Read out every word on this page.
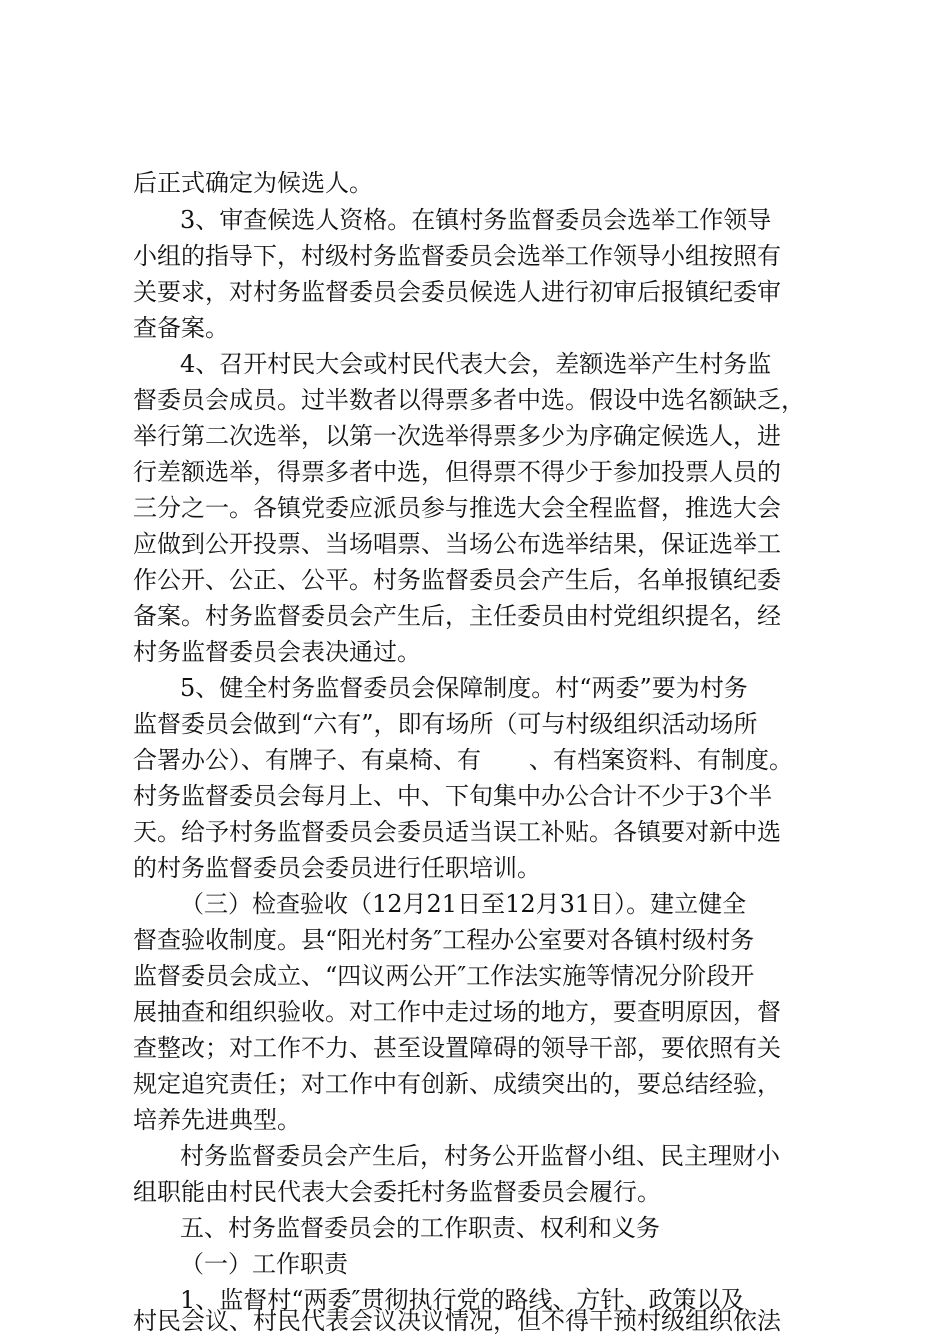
后正式确定为候选人。
3、审查候选人资格。在镇村务监督委员会选举工作领导
小组的指导下，村级村务监督委员会选举工作领导小组按照有
关要求，对村务监督委员会委员候选人进行初审后报镇纪委审
查备案。
4、召开村民大会或村民代表大会，差额选举产生村务监
督委员会成员。过半数者以得票多者中选。假设中选名额缺乏，
举行第二次选举，以第一次选举得票多少为序确定候选人，进
行差额选举，得票多者中选，但得票不得少于参加投票人员的
三分之一。各镇党委应派员参与推选大会全程监督，推选大会
应做到公开投票、当场唱票、当场公布选举结果，保证选举工
作公开、公正、公平。村务监督委员会产生后，名单报镇纪委
备案。村务监督委员会产生后，主任委员由村党组织提名，经
村务监督委员会表决通过。
5、健全村务监督委员会保障制度。村“两委”要为村务
监督委员会做到“六有”，即有场所（可与村级组织活动场所
合署办公）、有牌子、有桌椅、有　　、有档案资料、有制度。
村务监督委员会每月上、中、下旬集中办公合计不少于3个半
天。给予村务监督委员会委员适当误工补贴。各镇要对新中选
的村务监督委员会委员进行任职培训。
（三）检查验收（12月21日至12月31日）。建立健全
督查验收制度。县“阳光村务″工程办公室要对各镇村级村务
监督委员会成立、“四议两公开″工作法实施等情况分阶段开
展抽查和组织验收。对工作中走过场的地方，要查明原因，督
查整改；对工作不力、甚至设置障碍的领导干部，要依照有关
规定追究责任；对工作中有创新、成绩突出的，要总结经验，
培养先进典型。
村务监督委员会产生后，村务公开监督小组、民主理财小
组职能由村民代表大会委托村务监督委员会履行。
五、村务监督委员会的工作职责、权利和义务
（一）工作职责
1、监督村“两委″贯彻执行党的路线、方针、政策以及
村民会议、村民代表会议决议情况，但不得干预村级组织依法
